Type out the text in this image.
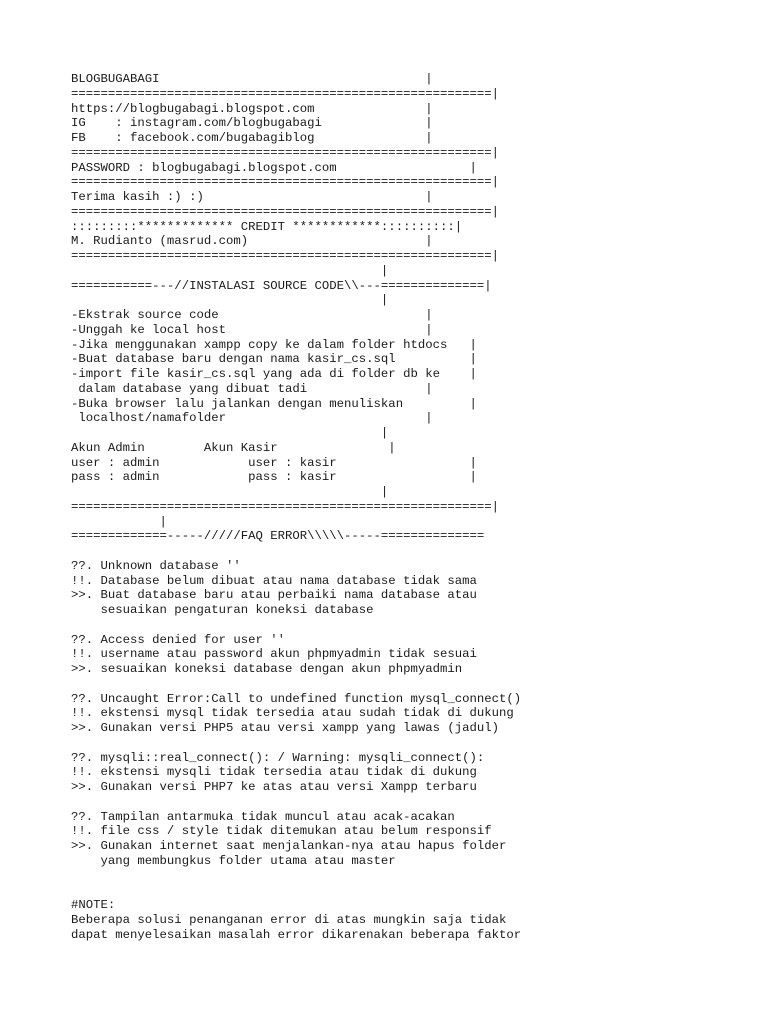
BLOGBUGABAGI                                    |
=========================================================|
https://blogbugabagi.blogspot.com               |
IG    : instagram.com/blogbugabagi              |
FB    : facebook.com/bugabagiblog               |
=========================================================|
PASSWORD : blogbugabagi.blogspot.com                  |
=========================================================|
Terima kasih :) :)                              |
=========================================================|
:::::::::************* CREDIT ************::::::::::|
M. Rudianto (masrud.com)                        |
=========================================================|
|
===========---//INSTALASI SOURCE CODE\\---==============|
|
-Ekstrak source code                            |
-Unggah ke local host                           |
-Jika menggunakan xampp copy ke dalam folder htdocs   |
-Buat database baru dengan nama kasir_cs.sql          |
-import file kasir_cs.sql yang ada di folder db ke    |
dalam database yang dibuat tadi                |
-Buka browser lalu jalankan dengan menuliskan         |
localhost/namafolder                           |
|
Akun Admin        Akun Kasir               |
user : admin            user : kasir                  |
pass : admin            pass : kasir                  |
|
=========================================================|
|
=============-----/////FAQ ERROR\\\\\-----==============

??. Unknown database ''
!!. Database belum dibuat atau nama database tidak sama
>>. Buat database baru atau perbaiki nama database atau
sesuaikan pengaturan koneksi database

??. Access denied for user ''
!!. username atau password akun phpmyadmin tidak sesuai
>>. sesuaikan koneksi database dengan akun phpmyadmin

??. Uncaught Error:Call to undefined function mysql_connect()
!!. ekstensi mysql tidak tersedia atau sudah tidak di dukung
>>. Gunakan versi PHP5 atau versi xampp yang lawas (jadul)

??. mysqli::real_connect(): / Warning: mysqli_connect():
!!. ekstensi mysqli tidak tersedia atau tidak di dukung
>>. Gunakan versi PHP7 ke atas atau versi Xampp terbaru

??. Tampilan antarmuka tidak muncul atau acak-acakan
!!. file css / style tidak ditemukan atau belum responsif
>>. Gunakan internet saat menjalankan-nya atau hapus folder
yang membungkus folder utama atau master

#NOTE:
Beberapa solusi penanganan error di atas mungkin saja tidak
dapat menyelesaikan masalah error dikarenakan beberapa faktor
